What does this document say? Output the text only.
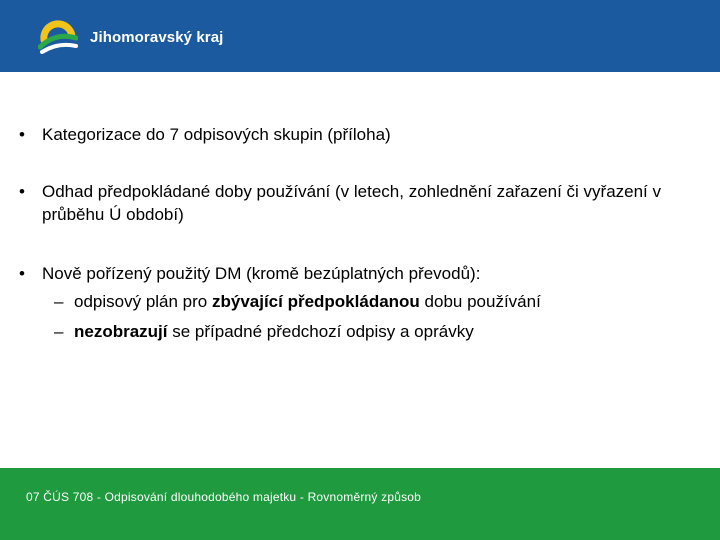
Jihomoravský kraj
• Kategorizace do 7 odpisových skupin (příloha)
• Odhad předpokládané doby používání (v letech, zohlednění zařazení či vyřazení v průběhu Ú období)
• Nově pořízený použitý DM (kromě bezúplatných převodů):
– odpisový plán pro zbývající předpokládanou dobu používání
– nezobrazují se případné předchozí odpisy a oprávky
07 ČÚS 708 - Odpisování dlouhodobého majetku - Rovnoměrný způsob
